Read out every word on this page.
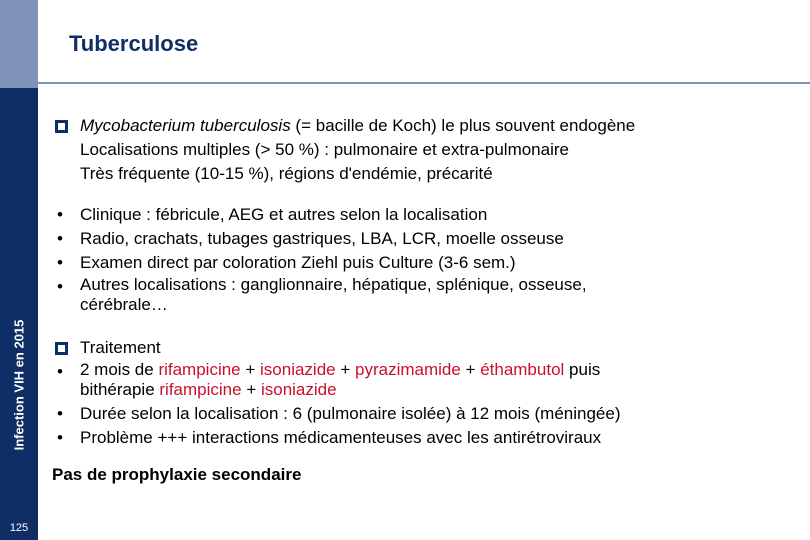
Infection VIH en 2015
125
Tuberculose
Mycobacterium tuberculosis (= bacille de Koch) le plus souvent endogène
Localisations multiples (> 50 %) : pulmonaire et extra-pulmonaire
Très fréquente (10-15 %), régions d'endémie, précarité
• Clinique : fébricule, AEG et autres selon la localisation
• Radio, crachats, tubages gastriques, LBA, LCR, moelle osseuse
• Examen direct par coloration Ziehl puis Culture (3-6 sem.)
• Autres localisations : ganglionnaire, hépatique, splénique, osseuse,
cérébrale…
Traitement
• 2 mois de rifampicine + isoniazide + pyrazimamide + éthambutol puis
bithérapie rifampicine + isoniazide
• Durée selon la localisation : 6 (pulmonaire isolée) à 12 mois (méningée)
• Problème +++ interactions médicamenteuses avec les antirétroviraux
Pas de prophylaxie secondaire
